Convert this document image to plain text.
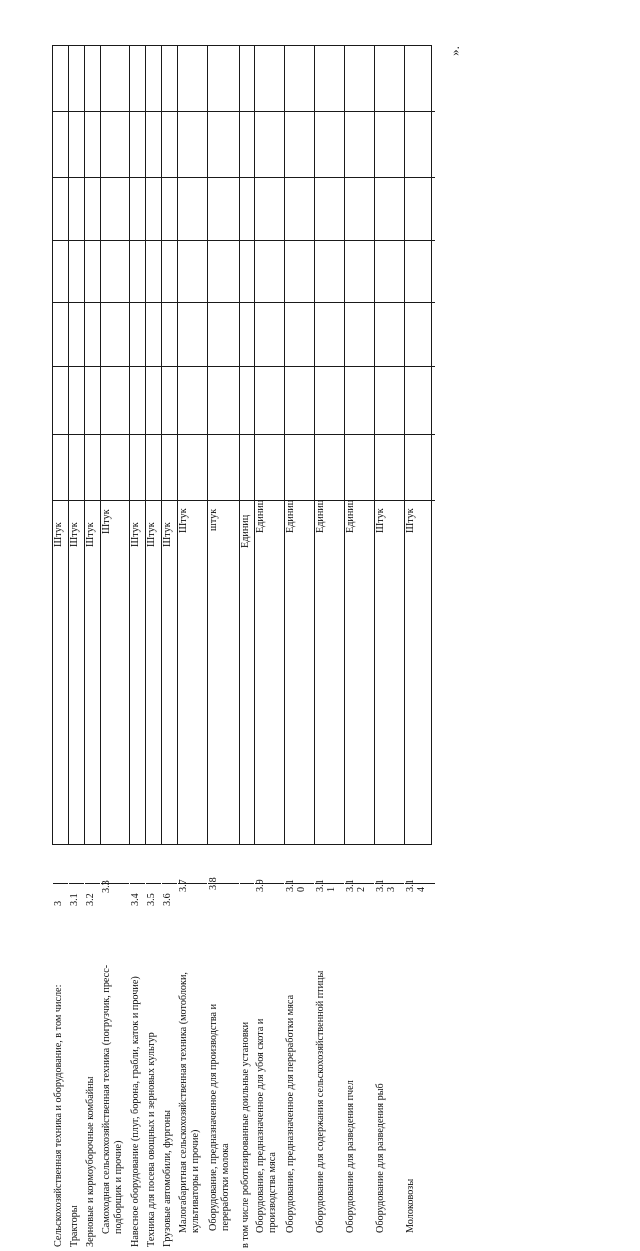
Штук
Сельскохозяйственная техника и оборудование, в том числе:
3
Штук
Тракторы
3.1
Штук
Зерновые и кормоуборочные комбайны
3.2
Штук
Самоходная сельскохозяйственная техника (погрузчик, пресс- подборщик и прочие)
3.3
Штук
Навесное оборудование (плуг, борона, грабли, каток и прочие)
3.4
Штук
Техника для посева овощных и зерновых культур
3.5
Штук
Грузовые автомобили, фургоны
3.6
Штук
Малогабаритная сельскохозяйственная техника (мотоблоки, культиваторы и прочие)
3.7
штук
Оборудование, предназначенное для производства и переработки молока
3.8
Единиц
в том числе роботизированные доильные установки
Единиц
Оборудование, предназначенное для убоя скота и производства мяса
3.9
Единиц
Оборудование, предназначенное для переработки мяса
3.1 0
Единиц
Оборудование для содержания сельскохозяйственной птицы
3.1 1
Единиц
Оборудование для разведения пчел
3.1 2
Штук
Оборудование для разведения рыб
3.1 3
Штук
Молоковозы
3.1 4
».
